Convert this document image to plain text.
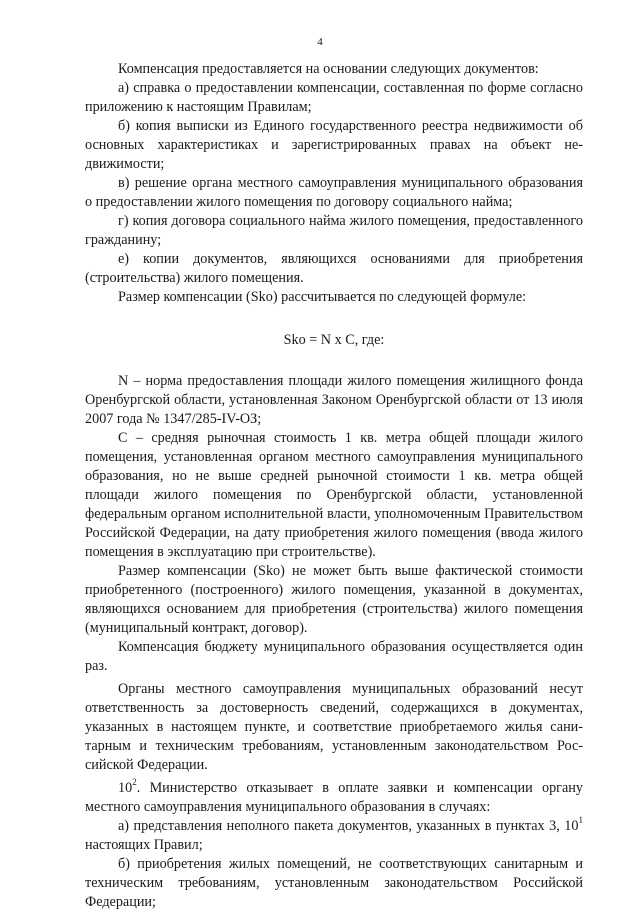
4

Компенсация предоставляется на основании следующих документов:

а) справка о предоставлении компенсации, составленная по форме согласно приложению к настоящим Правилам;

б) копия выписки из Единого государственного реестра недвижимости об основных характеристиках и зарегистрированных правах на объект недвижимости;

в) решение органа местного самоуправления муниципального образования о предоставлении жилого помещения по договору социального найма;

г) копия договора социального найма жилого помещения, предоставленного гражданину;

е) копии документов, являющихся основаниями для приобретения (строительства) жилого помещения.

Размер компенсации (Sko) рассчитывается по следующей формуле:

Sko = N x C, где:

N – норма предоставления площади жилого помещения жилищного фонда Оренбургской области, установленная Законом Оренбургской области от 13 июля 2007 года № 1347/285-IV-ОЗ;

C – средняя рыночная стоимость 1 кв. метра общей площади жилого помещения, установленная органом местного самоуправления муниципального образования, но не выше средней рыночной стоимости 1 кв. метра общей площади жилого помещения по Оренбургской области, установленной федеральным органом исполнительной власти, уполномоченным Правительством Российской Федерации, на дату приобретения жилого помещения (ввода жилого помещения в эксплуатацию при строительстве).

Размер компенсации (Sko) не может быть выше фактической стоимости приобретенного (построенного) жилого помещения, указанной в документах, являющихся основанием для приобретения (строительства) жилого помещения (муниципальный контракт, договор).

Компенсация бюджету муниципального образования осуществляется один раз.

Органы местного самоуправления муниципальных образований несут ответственность за достоверность сведений, содержащихся в документах, указанных в настоящем пункте, и соответствие приобретаемого жилья санитарным и техническим требованиям, установленным законодательством Российской Федерации.

$10^2$. Министерство отказывает в оплате заявки и компенсации органу местного самоуправления муниципального образования в случаях:

а) представления неполного пакета документов, указанных в пунктах 3, $10^1$ настоящих Правил;

б) приобретения жилых помещений, не соответствующих санитарным и техническим требованиям, установленным законодательством Российской Федерации;
